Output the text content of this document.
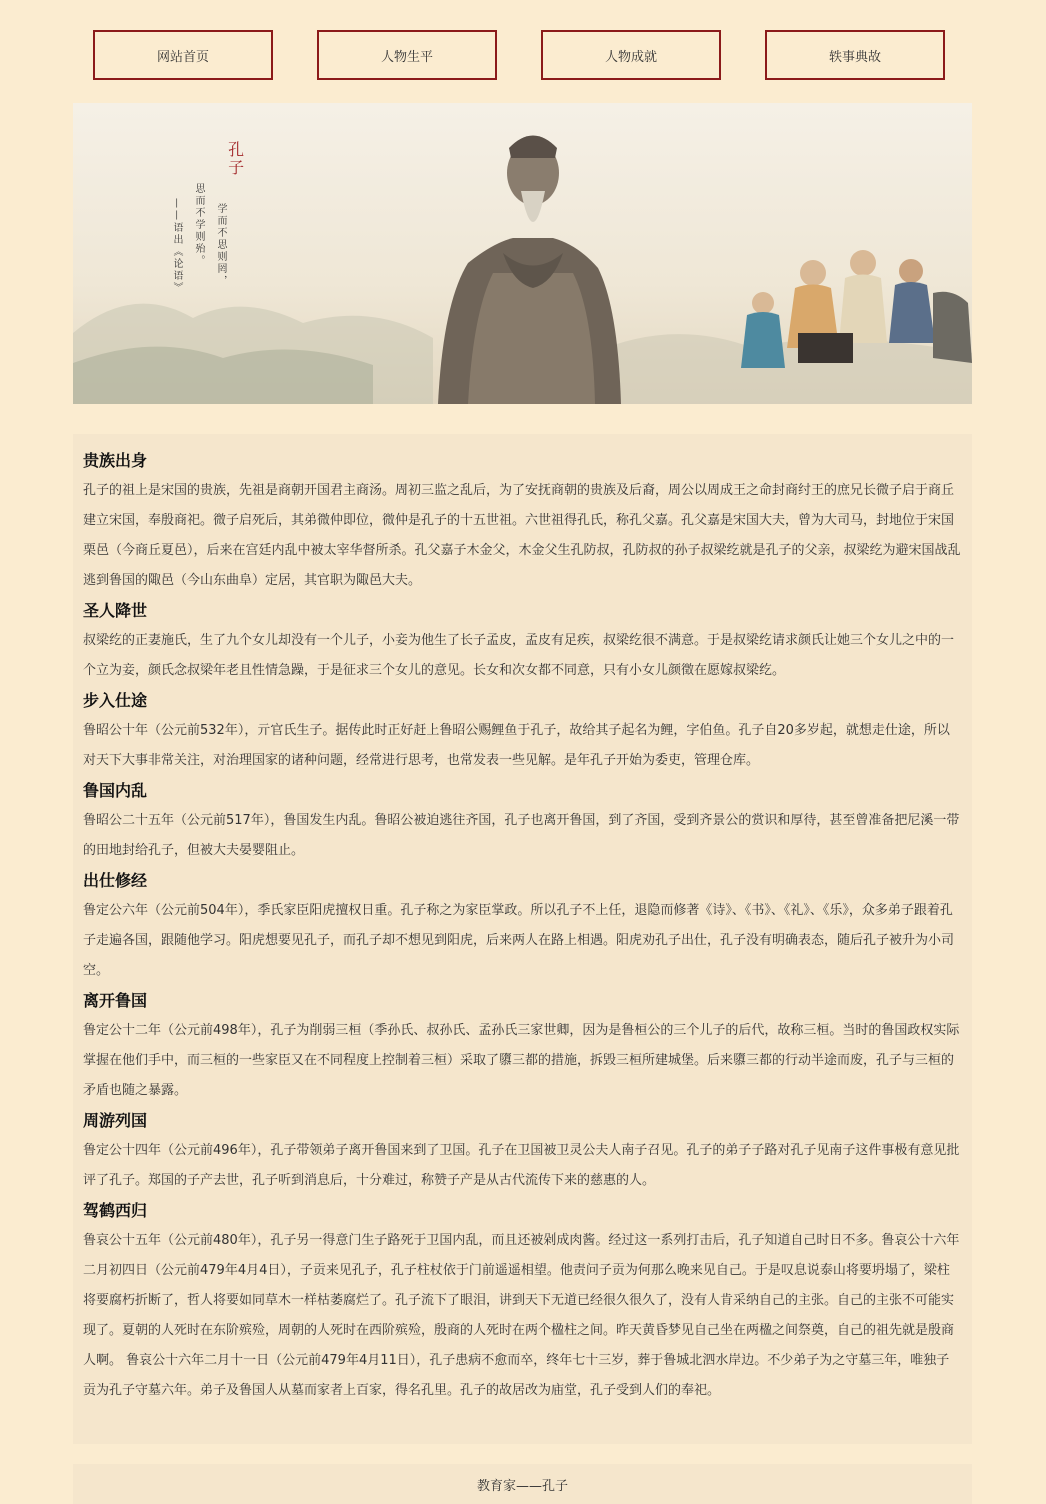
网站首页	人物生平	人物成就	轶事典故
孔子
学而不思则罔，
思而不学则殆。
——语出《论语》
贵族出身

孔子的祖上是宋国的贵族，先祖是商朝开国君主商汤。周初三监之乱后，为了安抚商朝的贵族及后裔，周公以周成王之命封商纣王的庶兄长微子启于商丘建立宋国，奉殷商祀。微子启死后，其弟微仲即位，微仲是孔子的十五世祖。六世祖得孔氏，称孔父嘉。孔父嘉是宋国大夫，曾为大司马，封地位于宋国栗邑（今商丘夏邑），后来在宫廷内乱中被太宰华督所杀。孔父嘉子木金父，木金父生孔防叔，孔防叔的孙子叔梁纥就是孔子的父亲，叔梁纥为避宋国战乱逃到鲁国的陬邑（今山东曲阜）定居，其官职为陬邑大夫。

圣人降世

叔梁纥的正妻施氏，生了九个女儿却没有一个儿子，小妾为他生了长子孟皮，孟皮有足疾，叔梁纥很不满意。于是叔梁纥请求颜氏让她三个女儿之中的一个立为妾，颜氏念叔梁年老且性情急躁，于是征求三个女儿的意见。长女和次女都不同意，只有小女儿颜徵在愿嫁叔梁纥。

步入仕途

鲁昭公十年（公元前532年），亓官氏生子。据传此时正好赶上鲁昭公赐鲤鱼于孔子，故给其子起名为鲤，字伯鱼。孔子自20多岁起，就想走仕途，所以对天下大事非常关注，对治理国家的诸种问题，经常进行思考，也常发表一些见解。是年孔子开始为委吏，管理仓库。

鲁国内乱

鲁昭公二十五年（公元前517年），鲁国发生内乱。鲁昭公被迫逃往齐国，孔子也离开鲁国，到了齐国，受到齐景公的赏识和厚待，甚至曾准备把尼溪一带的田地封给孔子，但被大夫晏婴阻止。

出仕修经

鲁定公六年（公元前504年），季氏家臣阳虎擅权日重。孔子称之为家臣掌政。所以孔子不上任，退隐而修著《诗》、《书》、《礼》、《乐》，众多弟子跟着孔子走遍各国，跟随他学习。阳虎想要见孔子，而孔子却不想见到阳虎，后来两人在路上相遇。阳虎劝孔子出仕，孔子没有明确表态，随后孔子被升为小司空。

离开鲁国

鲁定公十二年（公元前498年），孔子为削弱三桓（季孙氏、叔孙氏、孟孙氏三家世卿，因为是鲁桓公的三个儿子的后代，故称三桓。当时的鲁国政权实际掌握在他们手中，而三桓的一些家臣又在不同程度上控制着三桓）采取了隳三都的措施，拆毁三桓所建城堡。后来隳三都的行动半途而废，孔子与三桓的矛盾也随之暴露。

周游列国

鲁定公十四年（公元前496年），孔子带领弟子离开鲁国来到了卫国。孔子在卫国被卫灵公夫人南子召见。孔子的弟子子路对孔子见南子这件事极有意见批评了孔子。郑国的子产去世，孔子听到消息后，十分难过，称赞子产是从古代流传下来的慈惠的人。

驾鹤西归

鲁哀公十五年（公元前480年），孔子另一得意门生子路死于卫国内乱，而且还被剁成肉酱。经过这一系列打击后，孔子知道自己时日不多。鲁哀公十六年二月初四日（公元前479年4月4日），子贡来见孔子，孔子柱杖依于门前遥遥相望。他责问子贡为何那么晚来见自己。于是叹息说泰山将要坍塌了，梁柱将要腐朽折断了，哲人将要如同草木一样枯萎腐烂了。孔子流下了眼泪，讲到天下无道已经很久很久了，没有人肯采纳自己的主张。自己的主张不可能实现了。夏朝的人死时在东阶殡殓，周朝的人死时在西阶殡殓，殷商的人死时在两个楹柱之间。昨天黄昏梦见自己坐在两楹之间祭奠，自己的祖先就是殷商人啊。 鲁哀公十六年二月十一日（公元前479年4月11日），孔子患病不愈而卒，终年七十三岁，葬于鲁城北泗水岸边。不少弟子为之守墓三年，唯独子贡为孔子守墓六年。弟子及鲁国人从墓而家者上百家，得名孔里。孔子的故居改为庙堂，孔子受到人们的奉祀。

教育家——孔子
